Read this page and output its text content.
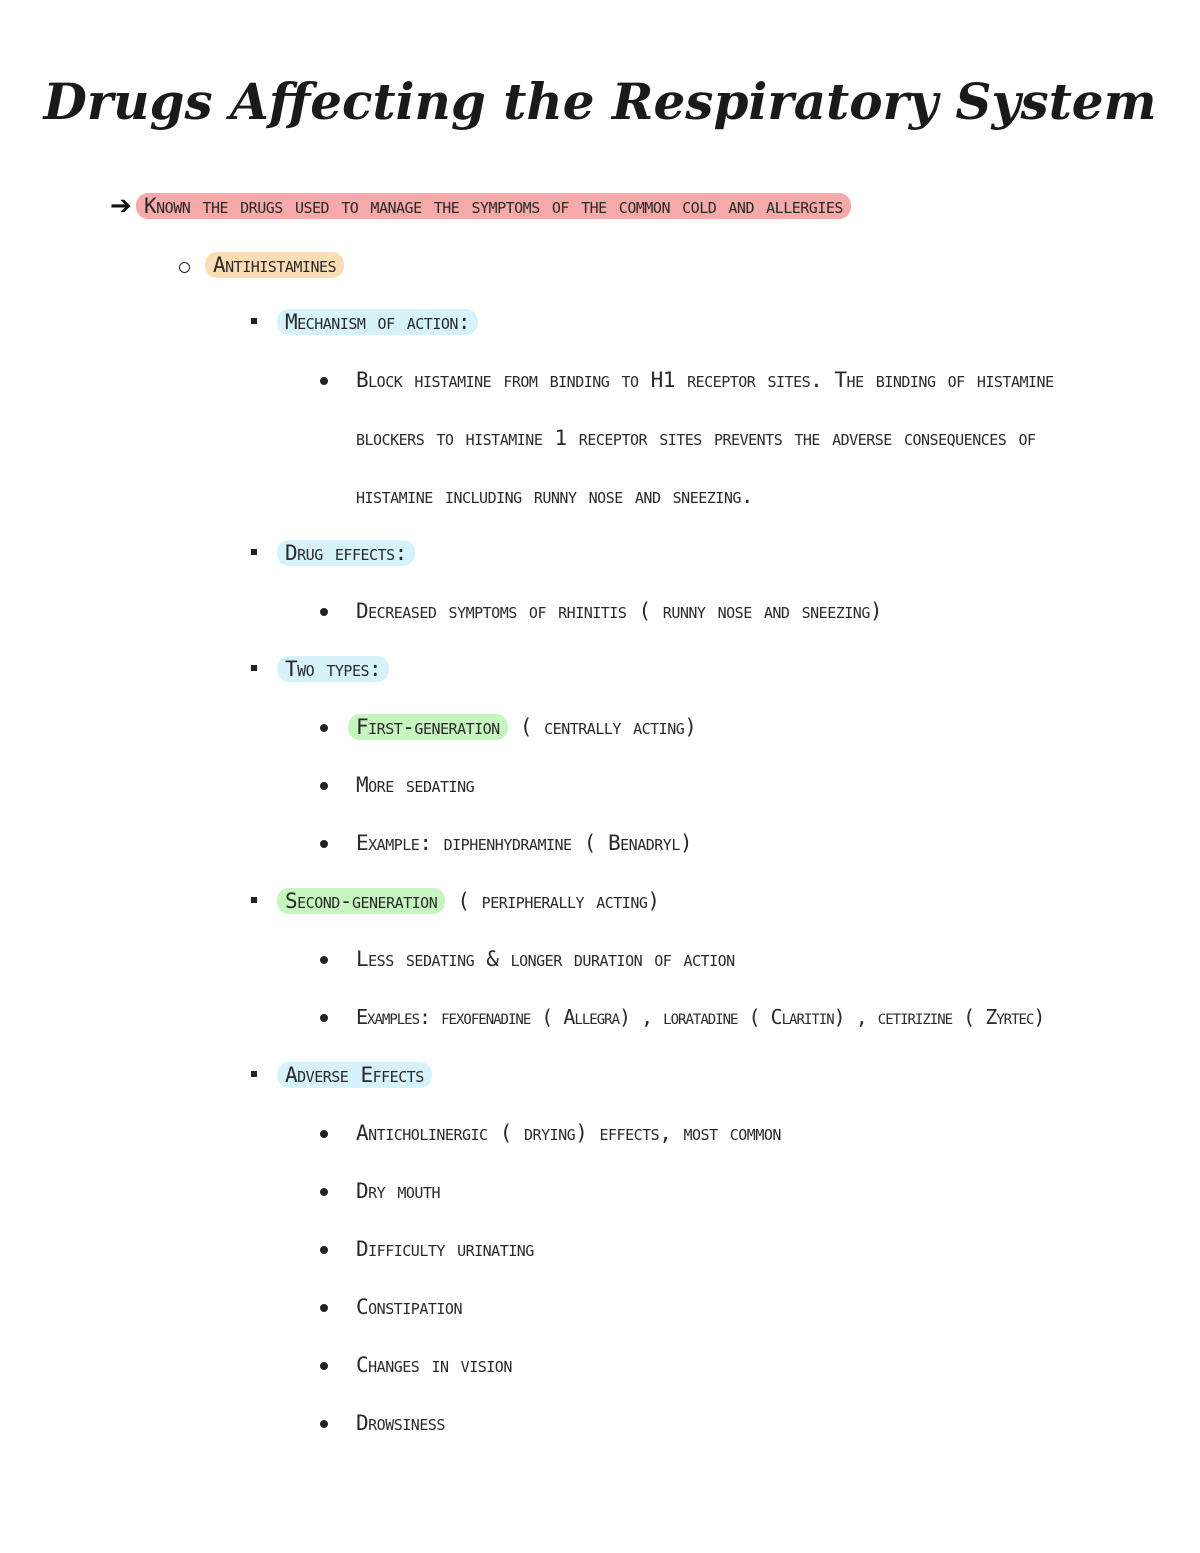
Drugs Affecting the Respiratory System
➔ Known the drugs used to manage the symptoms of the common cold and allergies
Antihistamines
Mechanism of action:
Block histamine from binding to H1 receptor sites. The binding of histamine
blockers to histamine 1 receptor sites prevents the adverse consequences of
histamine including runny nose and sneezing.
Drug effects:
Decreased symptoms of rhinitis ( runny nose and sneezing)
Two types:
First-generation ( centrally acting)
More sedating
Example: diphenhydramine ( Benadryl)
Second-generation ( peripherally acting)
Less sedating & longer duration of action
Examples: fexofenadine ( Allegra) , loratadine ( Claritin) , cetirizine ( Zyrtec)
Adverse Effects
Anticholinergic ( drying) effects, most common
Dry mouth
Difficulty urinating
Constipation
Changes in vision
Drowsiness
